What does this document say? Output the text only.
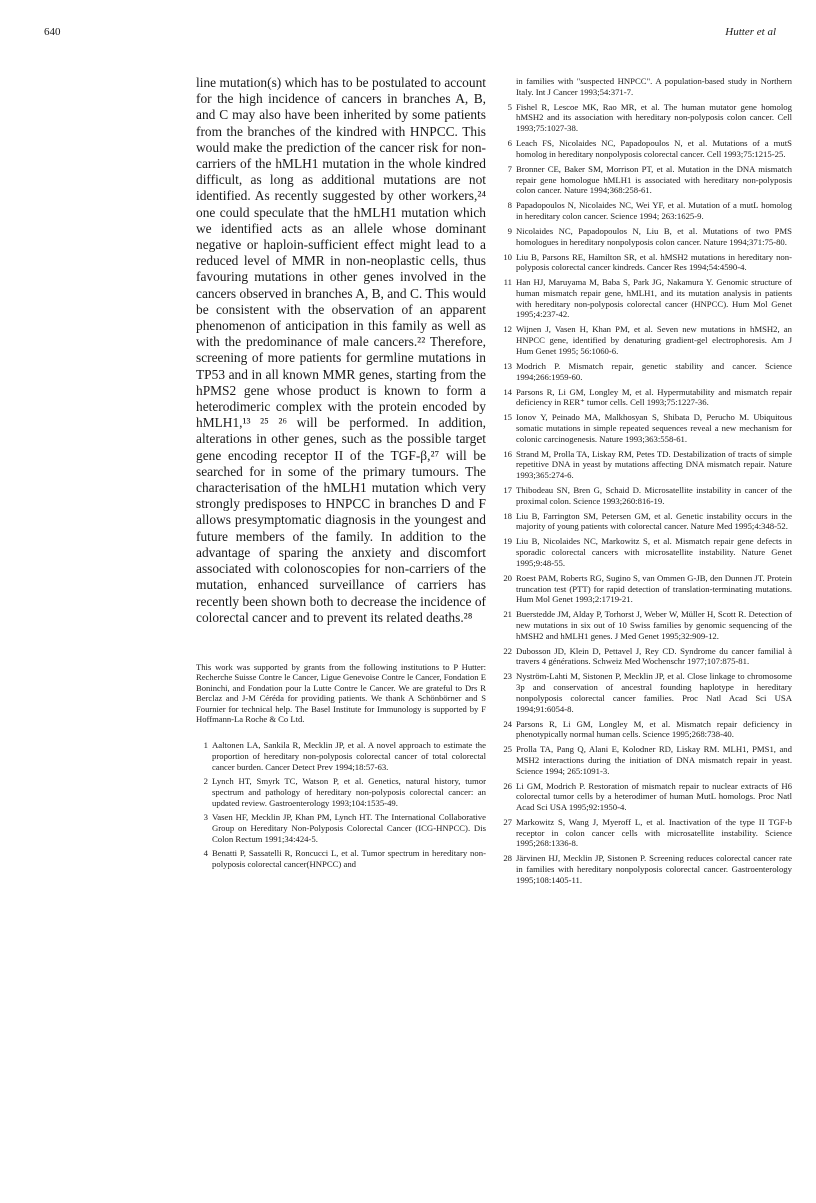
640	Hutter et al

line mutation(s) which has to be postulated to account for the high incidence of cancers in branches A, B, and C may also have been inherited by some patients from the branches of the kindred with HNPCC. This would make the prediction of the cancer risk for non-carriers of the hMLH1 mutation in the whole kindred difficult, as long as additional mutations are not identified. As recently suggested by other workers,²⁴ one could speculate that the hMLH1 mutation which we identified acts as an allele whose dominant negative or haploin-sufficient effect might lead to a reduced level of MMR in non-neoplastic cells, thus favouring mutations in other genes involved in the cancers observed in branches A, B, and C. This would be consistent with the observation of an apparent phenomenon of anticipation in this family as well as with the predominance of male cancers.²² Therefore, screening of more patients for germline mutations in TP53 and in all known MMR genes, starting from the hPMS2 gene whose product is known to form a heterodimeric complex with the protein encoded by hMLH1,¹³ ²⁵ ²⁶ will be performed. In addition, alterations in other genes, such as the possible target gene encoding receptor II of the TGF-β,²⁷ will be searched for in some of the primary tumours. The characterisation of the hMLH1 mutation which very strongly predisposes to HNPCC in branches D and F allows presymptomatic diagnosis in the youngest and future members of the family. In addition to the advantage of sparing the anxiety and discomfort associated with colonoscopies for non-carriers of the mutation, enhanced surveillance of carriers has recently been shown both to decrease the incidence of colorectal cancer and to prevent its related deaths.²⁸

This work was supported by grants from the following institutions to P Hutter: Recherche Suisse Contre le Cancer, Ligue Genevoise Contre le Cancer, Fondation E Boninchi, and Fondation pour la Lutte Contre le Cancer. We are grateful to Drs R Berclaz and J-M Céréda for providing patients. We thank A Schönbörner and S Fournier for technical help. The Basel Institute for Immunology is supported by F Hoffmann-La Roche & Co Ltd.

1 Aaltonen LA, Sankila R, Mecklin JP, et al. A novel approach to estimate the proportion of hereditary non-polyposis colorectal cancer of total colorectal cancer burden. Cancer Detect Prev 1994;18:57-63.
2 Lynch HT, Smyrk TC, Watson P, et al. Genetics, natural history, tumor spectrum and pathology of hereditary non-polyposis colorectal cancer: an updated review. Gastroenterology 1993;104:1535-49.
3 Vasen HF, Mecklin JP, Khan PM, Lynch HT. The International Collaborative Group on Hereditary Non-Polyposis Colorectal Cancer (ICG-HNPCC). Dis Colon Rectum 1991;34:424-5.
4 Benatti P, Sassatelli R, Roncucci L, et al. Tumor spectrum in hereditary non-polyposis colorectal cancer(HNPCC) and
in families with "suspected HNPCC". A population-based study in Northern Italy. Int J Cancer 1993;54:371-7.
5 Fishel R, Lescoe MK, Rao MR, et al. The human mutator gene homolog hMSH2 and its association with hereditary non-polyposis colon cancer. Cell 1993;75:1027-38.
6 Leach FS, Nicolaides NC, Papadopoulos N, et al. Mutations of a mutS homolog in hereditary nonpolyposis colorectal cancer. Cell 1993;75:1215-25.
7 Bronner CE, Baker SM, Morrison PT, et al. Mutation in the DNA mismatch repair gene homologue hMLH1 is associated with hereditary non-polyposis colon cancer. Nature 1994;368:258-61.
8 Papadopoulos N, Nicolaides NC, Wei YF, et al. Mutation of a mutL homolog in hereditary colon cancer. Science 1994; 263:1625-9.
9 Nicolaides NC, Papadopoulos N, Liu B, et al. Mutations of two PMS homologues in hereditary nonpolyposis colon cancer. Nature 1994;371:75-80.
10 Liu B, Parsons RE, Hamilton SR, et al. hMSH2 mutations in hereditary non-polyposis colorectal cancer kindreds. Cancer Res 1994;54:4590-4.
11 Han HJ, Maruyama M, Baba S, Park JG, Nakamura Y. Genomic structure of human mismatch repair gene, hMLH1, and its mutation analysis in patients with hereditary non-polyposis colorectal cancer (HNPCC). Hum Mol Genet 1995;4:237-42.
12 Wijnen J, Vasen H, Khan PM, et al. Seven new mutations in hMSH2, an HNPCC gene, identified by denaturing gradient-gel electrophoresis. Am J Hum Genet 1995; 56:1060-6.
13 Modrich P. Mismatch repair, genetic stability and cancer. Science 1994;266:1959-60.
14 Parsons R, Li GM, Longley M, et al. Hypermutability and mismatch repair deficiency in RER⁺ tumor cells. Cell 1993;75:1227-36.
15 Ionov Y, Peinado MA, Malkhosyan S, Shibata D, Perucho M. Ubiquitous somatic mutations in simple repeated sequences reveal a new mechanism for colonic carcinogenesis. Nature 1993;363:558-61.
16 Strand M, Prolla TA, Liskay RM, Petes TD. Destabilization of tracts of simple repetitive DNA in yeast by mutations affecting DNA mismatch repair. Nature 1993;365:274-6.
17 Thibodeau SN, Bren G, Schaid D. Microsatellite instability in cancer of the proximal colon. Science 1993;260:816-19.
18 Liu B, Farrington SM, Petersen GM, et al. Genetic instability occurs in the majority of young patients with colorectal cancer. Nature Med 1995;4:348-52.
19 Liu B, Nicolaides NC, Markowitz S, et al. Mismatch repair gene defects in sporadic colorectal cancers with microsatellite instability. Nature Genet 1995;9:48-55.
20 Roest PAM, Roberts RG, Sugino S, van Ommen G-JB, den Dunnen JT. Protein truncation test (PTT) for rapid detection of translation-terminating mutations. Hum Mol Genet 1993;2:1719-21.
21 Buerstedde JM, Alday P, Torhorst J, Weber W, Müller H, Scott R. Detection of new mutations in six out of 10 Swiss families by genomic sequencing of the hMSH2 and hMLH1 genes. J Med Genet 1995;32:909-12.
22 Dubosson JD, Klein D, Pettavel J, Rey CD. Syndrome du cancer familial à travers 4 générations. Schweiz Med Wochenschr 1977;107:875-81.
23 Nyström-Lahti M, Sistonen P, Mecklin JP, et al. Close linkage to chromosome 3p and conservation of ancestral founding haplotype in hereditary nonpolyposis colorectal cancer families. Proc Natl Acad Sci USA 1994;91:6054-8.
24 Parsons R, Li GM, Longley M, et al. Mismatch repair deficiency in phenotypically normal human cells. Science 1995;268:738-40.
25 Prolla TA, Pang Q, Alani E, Kolodner RD, Liskay RM. MLH1, PMS1, and MSH2 interactions during the initiation of DNA mismatch repair in yeast. Science 1994; 265:1091-3.
26 Li GM, Modrich P. Restoration of mismatch repair to nuclear extracts of H6 colorectal tumor cells by a heterodimer of human MutL homologs. Proc Natl Acad Sci USA 1995;92:1950-4.
27 Markowitz S, Wang J, Myeroff L, et al. Inactivation of the type II TGF-b receptor in colon cancer cells with microsatellite instability. Science 1995;268:1336-8.
28 Järvinen HJ, Mecklin JP, Sistonen P. Screening reduces colorectal cancer rate in families with hereditary nonpolyposis colorectal cancer. Gastroenterology 1995;108:1405-11.
